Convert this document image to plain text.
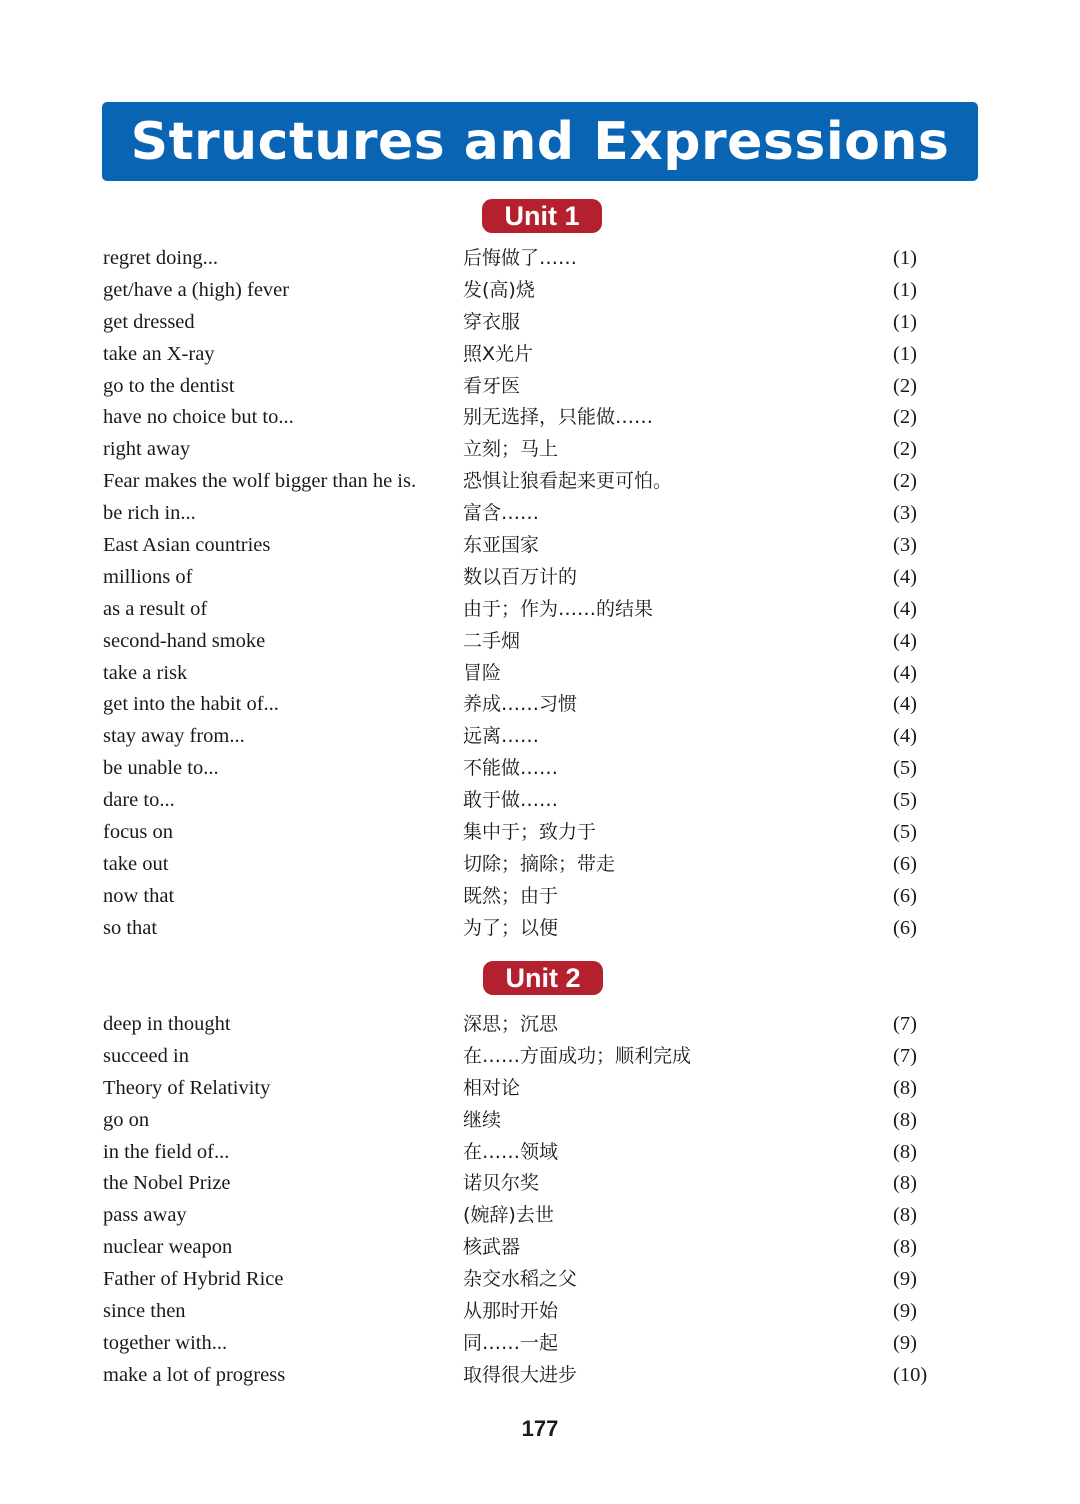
Structures and Expressions
Unit 1
regret doing...	后悔做了……	(1)
get/have a (high) fever	发(高)烧	(1)
get dressed	穿衣服	(1)
take an X-ray	照X光片	(1)
go to the dentist	看牙医	(2)
have no choice but to...	别无选择，只能做……	(2)
right away	立刻；马上	(2)
Fear makes the wolf bigger than he is. 恐惧让狼看起来更可怕。	(2)
be rich in...	富含……	(3)
East Asian countries	东亚国家	(3)
millions of	数以百万计的	(4)
as a result of	由于；作为……的结果	(4)
second-hand smoke	二手烟	(4)
take a risk	冒险	(4)
get into the habit of...	养成……习惯	(4)
stay away from...	远离……	(4)
be unable to...	不能做……	(5)
dare to...	敢于做……	(5)
focus on	集中于；致力于	(5)
take out	切除；摘除；带走	(6)
now that	既然；由于	(6)
so that	为了；以便	(6)
Unit 2
deep in thought	深思；沉思	(7)
succeed in	在……方面成功；顺利完成	(7)
Theory of Relativity	相对论	(8)
go on	继续	(8)
in the field of...	在……领域	(8)
the Nobel Prize	诺贝尔奖	(8)
pass away	(婉辞)去世	(8)
nuclear weapon	核武器	(8)
Father of Hybrid Rice	杂交水稻之父	(9)
since then	从那时开始	(9)
together with...	同……一起	(9)
make a lot of progress	取得很大进步	(10)
177
